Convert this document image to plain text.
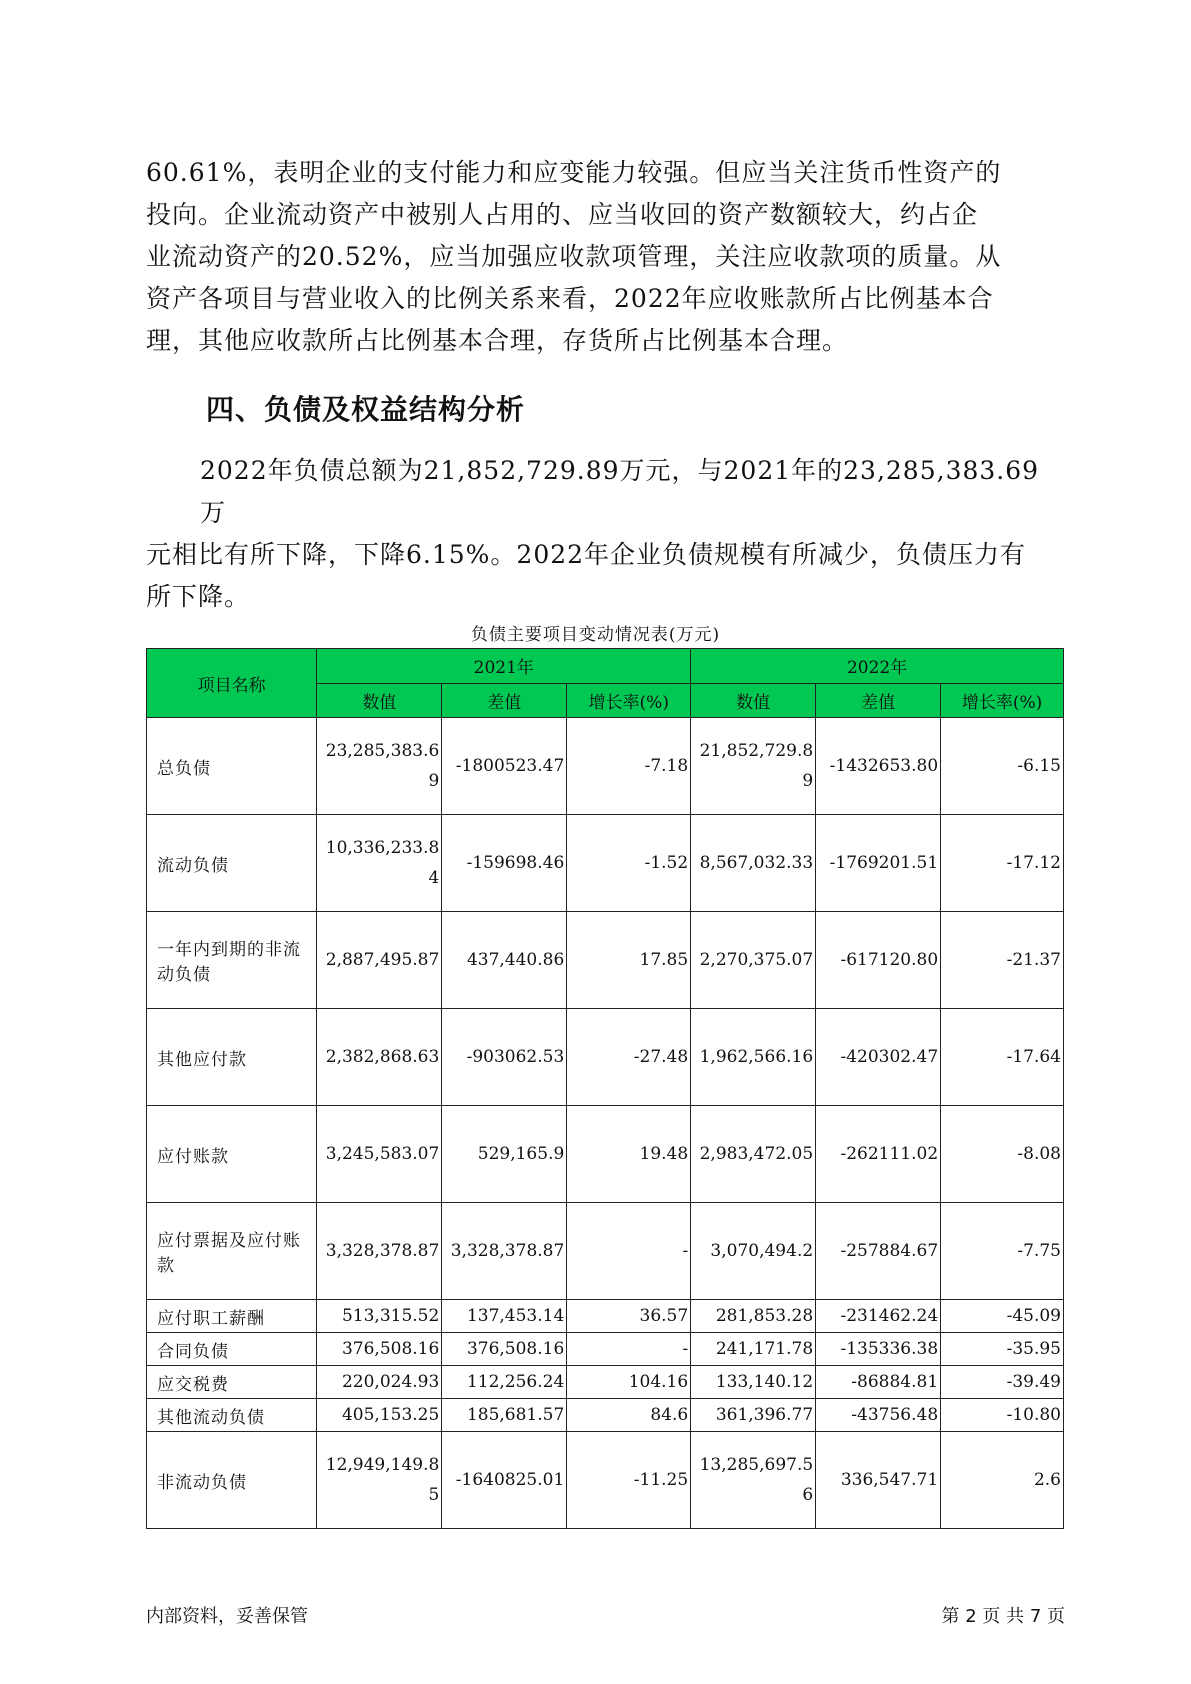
60.61%，表明企业的支付能力和应变能力较强。但应当关注货币性资产的

投向。企业流动资产中被别人占用的、应当收回的资产数额较大，约占企

业流动资产的20.52%，应当加强应收款项管理，关注应收款项的质量。从

资产各项目与营业收入的比例关系来看，2022年应收账款所占比例基本合

理，其他应收款所占比例基本合理，存货所占比例基本合理。

四、负债及权益结构分析

2022年负债总额为21,852,729.89万元，与2021年的23,285,383.69万

元相比有所下降，下降6.15%。2022年企业负债规模有所减少，负债压力有

所下降。

负债主要项目变动情况表(万元)
项目名称	2021年			2022年		
	数值	差值	增长率(%)	数值	差值	增长率(%)
总负债	23,285,383.69	-1800523.47	-7.18	21,852,729.89	-1432653.80	-6.15
流动负债	10,336,233.84	-159698.46	-1.52	8,567,032.33	-1769201.51	-17.12
一年内到期的非流动负债	2,887,495.87	437,440.86	17.85	2,270,375.07	-617120.80	-21.37
其他应付款	2,382,868.63	-903062.53	-27.48	1,962,566.16	-420302.47	-17.64
应付账款	3,245,583.07	529,165.9	19.48	2,983,472.05	-262111.02	-8.08
应付票据及应付账款	3,328,378.87	3,328,378.87	-	3,070,494.2	-257884.67	-7.75
应付职工薪酬	513,315.52	137,453.14	36.57	281,853.28	-231462.24	-45.09
合同负债	376,508.16	376,508.16	-	241,171.78	-135336.38	-35.95
应交税费	220,024.93	112,256.24	104.16	133,140.12	-86884.81	-39.49
其他流动负债	405,153.25	185,681.57	84.6	361,396.77	-43756.48	-10.80
非流动负债	12,949,149.85	-1640825.01	-11.25	13,285,697.56	336,547.71	2.6
内部资料，妥善保管	第 2 页 共 7 页
